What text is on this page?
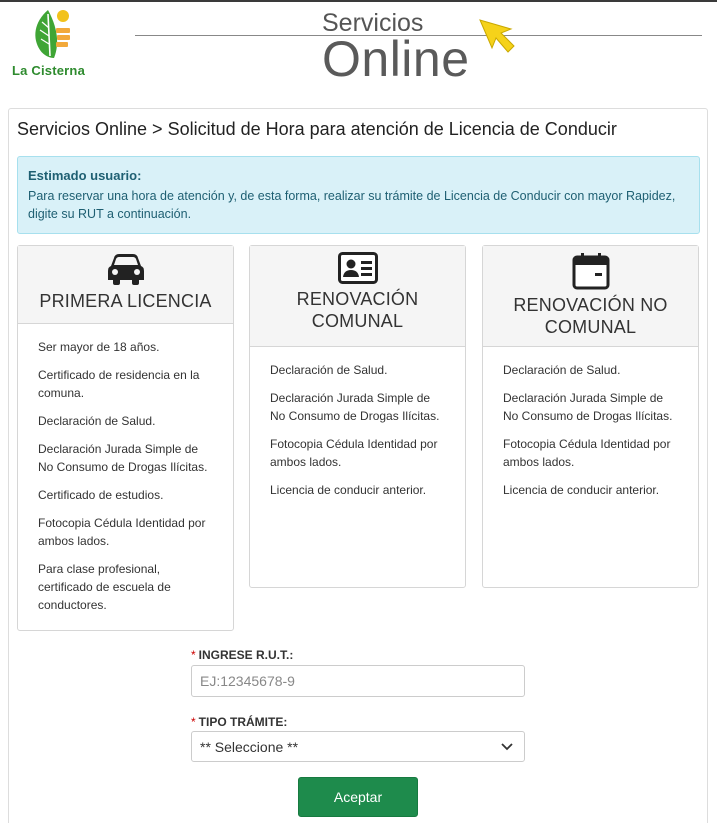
La Cisterna
Servicios
Online
Servicios Online > Solicitud de Hora para atención de Licencia de Conducir
Estimado usuario:
Para reservar una hora de atención y, de esta forma, realizar su trámite de Licencia de Conducir con mayor Rapidez, digite su RUT a continuación.
PRIMERA LICENCIA
Ser mayor de 18 años.
Certificado de residencia en la comuna.
Declaración de Salud.
Declaración Jurada Simple de No Consumo de Drogas Ilícitas.
Certificado de estudios.
Fotocopia Cédula Identidad por ambos lados.
Para clase profesional, certificado de escuela de conductores.
RENOVACIÓN
COMUNAL
Declaración de Salud.
Declaración Jurada Simple de No Consumo de Drogas Ilícitas.
Fotocopia Cédula Identidad por ambos lados.
Licencia de conducir anterior.
RENOVACIÓN NO
COMUNAL
Declaración de Salud.
Declaración Jurada Simple de No Consumo de Drogas Ilícitas.
Fotocopia Cédula Identidad por ambos lados.
Licencia de conducir anterior.
* INGRESE R.U.T.:
EJ:12345678-9
* TIPO TRÁMITE:
** Seleccione **
Aceptar
